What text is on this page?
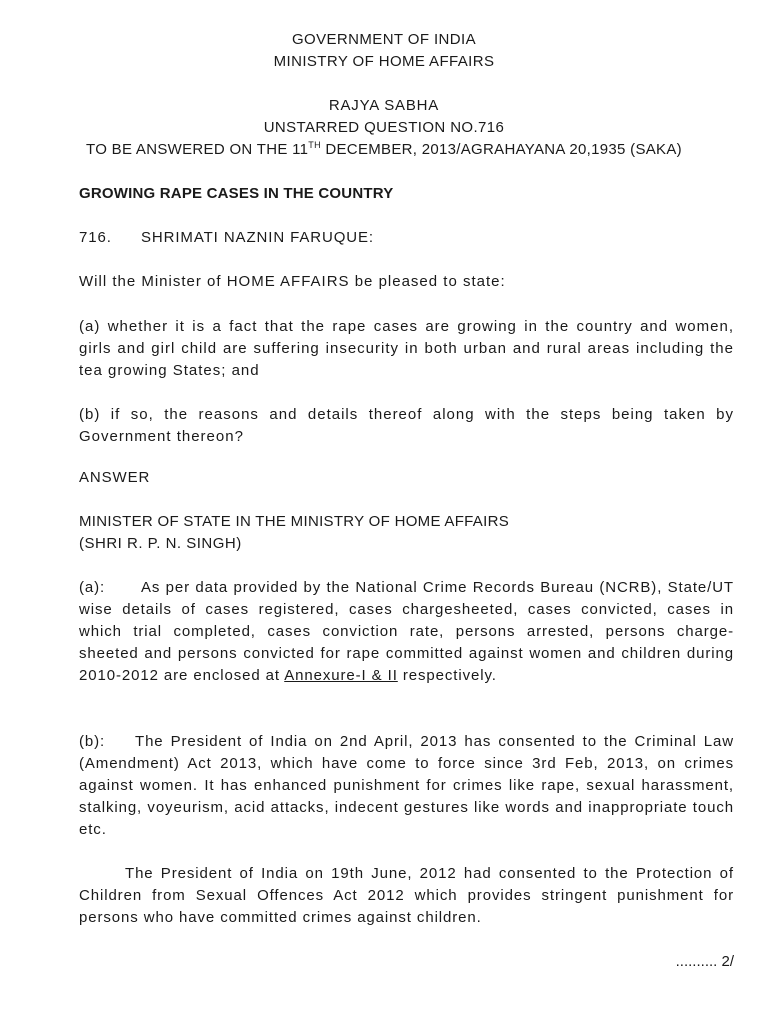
GOVERNMENT OF INDIA
MINISTRY OF HOME AFFAIRS
RAJYA SABHA
UNSTARRED QUESTION NO.716
TO BE ANSWERED ON THE 11TH DECEMBER, 2013/AGRAHAYANA 20,1935 (SAKA)
GROWING RAPE CASES IN THE COUNTRY
716. SHRIMATI NAZNIN FARUQUE:
Will the Minister of HOME AFFAIRS be pleased to state:
(a) whether it is a fact that the rape cases are growing in the country and women, girls and girl child are suffering insecurity in both urban and rural areas including the tea growing States; and
(b) if so, the reasons and details thereof along with the steps being taken by Government thereon?
ANSWER
MINISTER OF STATE IN THE MINISTRY OF HOME AFFAIRS
(SHRI R. P. N. SINGH)
(a): As per data provided by the National Crime Records Bureau (NCRB), State/UT wise details of cases registered, cases chargesheeted, cases convicted, cases in which trial completed, cases conviction rate, persons arrested, persons charge-sheeted and persons convicted for rape committed against women and children during 2010-2012 are enclosed at Annexure-I & II respectively.
(b): The President of India on 2nd April, 2013 has consented to the Criminal Law (Amendment) Act 2013, which have come to force since 3rd Feb, 2013, on crimes against women. It has enhanced punishment for crimes like rape, sexual harassment, stalking, voyeurism, acid attacks, indecent gestures like words and inappropriate touch etc.
The President of India on 19th June, 2012 had consented to the Protection of Children from Sexual Offences Act 2012 which provides stringent punishment for persons who have committed crimes against children.
.......... 2/
